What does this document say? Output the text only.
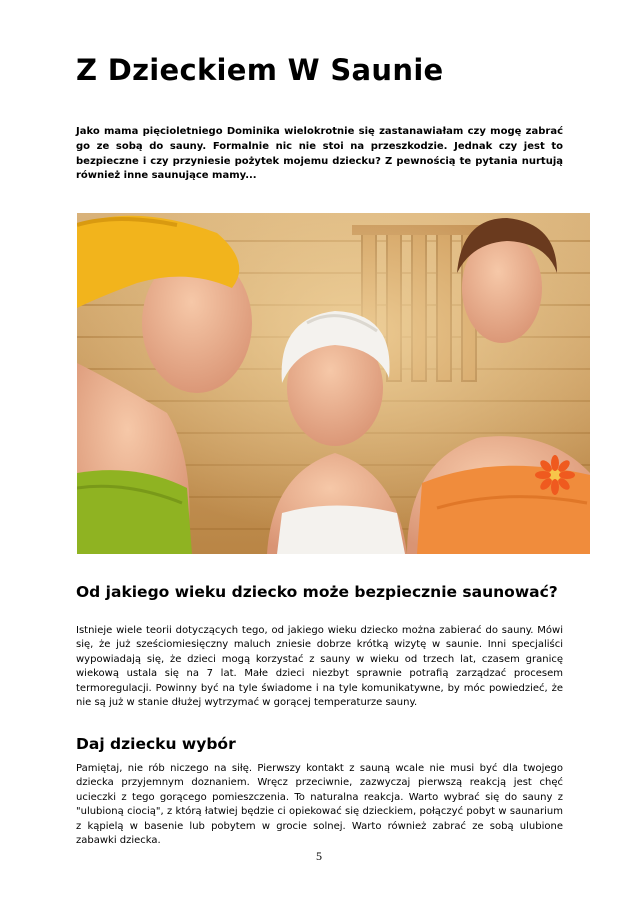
Z Dzieckiem W Saunie

Jako mama pięcioletniego Dominika wielokrotnie się zastanawiałam czy mogę zabrać go ze sobą do sauny. Formalnie nic nie stoi na przeszkodzie. Jednak czy jest to bezpieczne i czy przyniesie pożytek mojemu dziecku? Z pewnością te pytania nurtują również inne saunujące mamy...

Od jakiego wieku dziecko może bezpiecznie saunować?

Istnieje wiele teorii dotyczących tego, od jakiego wieku dziecko można zabierać do sauny. Mówi się, że już sześciomiesięczny maluch zniesie dobrze krótką wizytę w saunie. Inni specjaliści wypowiadają się, że dzieci mogą korzystać z sauny w wieku od trzech lat, czasem granicę wiekową ustala się na 7 lat. Małe dzieci niezbyt sprawnie potrafią zarządzać procesem termoregulacji. Powinny być na tyle świadome i na tyle komunikatywne, by móc powiedzieć, że nie są już w stanie dłużej wytrzymać w gorącej temperaturze sauny.

Daj dziecku wybór

Pamiętaj, nie rób niczego na siłę. Pierwszy kontakt z sauną wcale nie musi być dla twojego dziecka przyjemnym doznaniem. Wręcz przeciwnie, zazwyczaj pierwszą reakcją jest chęć ucieczki z tego gorącego pomieszczenia. To naturalna reakcja. Warto wybrać się do sauny z "ulubioną ciocią", z którą łatwiej będzie ci opiekować się dzieckiem, połączyć pobyt w saunarium z kąpielą w basenie lub pobytem w grocie solnej. Warto również zabrać ze sobą ulubione zabawki dziecka.

5
